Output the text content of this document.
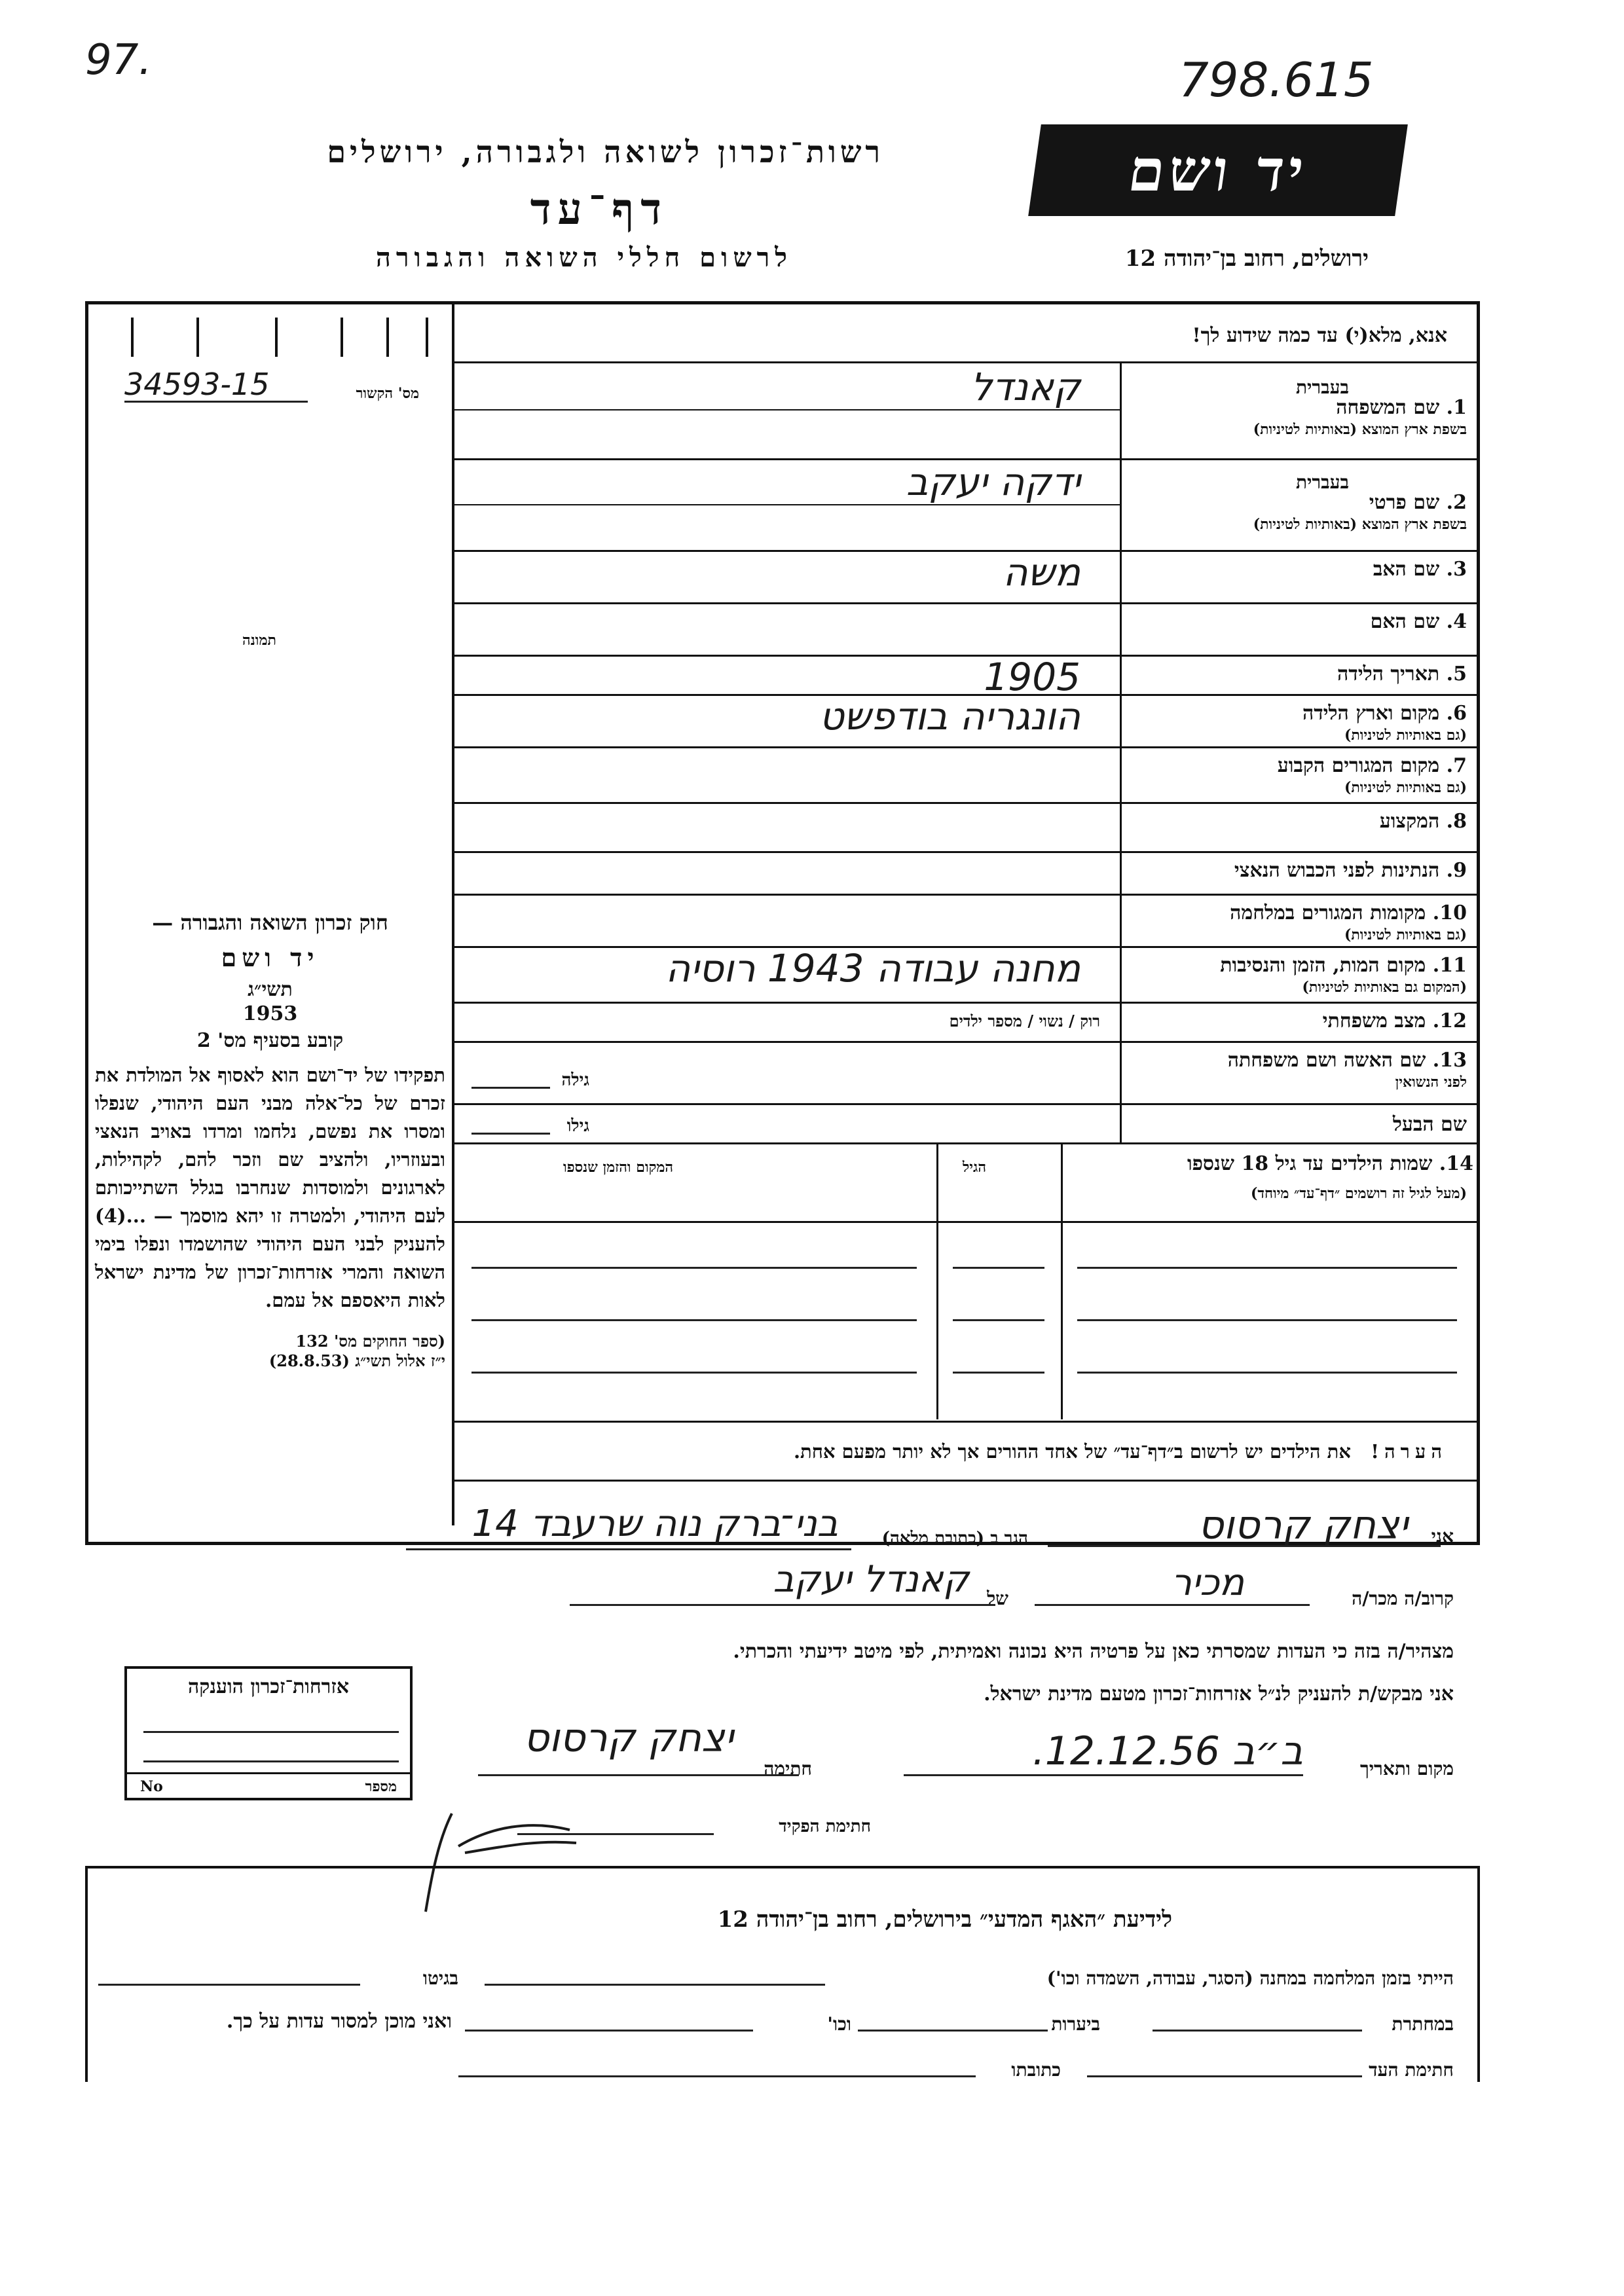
97.	798.615
רשות־זכרון לשואה ולגבורה, ירושלים
דף־עד
לרשום חללי השואה והגבורה
יד ושם
ירושלים, רחוב בן־יהודה 12
אנא, מלא(י) עד כמה שידוע לך!
34593-15	מס' הקשור
תמונה
1. שם המשפחה
בשפת ארץ המוצא (באותיות לטיניות)
בעברית
קאנדל
2. שם פרטי
בשפת ארץ המוצא (באותיות לטיניות)
בעברית
ידקה יעקב
3. שם האב
משה
4. שם האם
5. תאריך הלידה
1905
6. מקום וארץ הלידה
(גם באותיות לטיניות)
הונגריה בודפשט
7. מקום המגורים הקבוע
(גם באותיות לטיניות)
8. המקצוע
9. הנתינות לפני הכבוש הנאצי
10. מקומות המגורים במלחמה
(גם באותיות לטיניות)
11. מקום המות, הזמן והנסיבות
(המקום גם באותיות לטיניות)
מחנה עבודה 1943 רוסיה
12. מצב משפחתי
13. שם האשה ושם משפחתה
לפני הנשואין
רוק / נשוי / מספר ילדים
גילה
שם הבעל
גילו
14. שמות הילדים עד גיל 18 שנספו
(מעל לגיל זה רושמים ״דף־עד״ מיוחד)
הגיל
המקום והזמן שנספו
הערה!   את הילדים יש לרשום ב״דף־עד״ של אחד ההורים אך לא יותר מפעם אחת.
חוק זכרון השואה והגבורה —
יד ושם
תשי״ג
1953
קובע בסעיף מס' 2
תפקידו של יד־ושם הוא לאסוף אל המולדת את זכרם של כל־אלה מבני העם היהודי, שנפלו ומסרו את נפשם, נלחמו ומרדו באויב הנאצי ובעוזריו, ולהציב שם וזכר להם, לקהילות, לארגונים ולמוסדות שנחרבו בגלל השתייכותם לעם היהודי, ולמטרה זו יהא מוסמך — ...(4) להעניק לבני העם היהודי שהושמדו ונפלו בימי השואה והמרי אזרחות־זכרון של מדינת ישראל לאות היאספם אל עמם.
(ספר החוקים מס' 132
י״ז אלול תשי״ג (28.8.53)
אני
יצחק קרסוס
הגר ב (כתובת מלאה)
בני־ברק נוה שרעבד 14
קרוב/ה מכר/ה
מכיר
של
קאנדל יעקב
מצהיר/ה בזה כי העדות שמסרתי כאן על פרטיה היא נכונה ואמיתית, לפי מיטב ידיעתי והכרתי.
אני מבקש/ת להעניק לנ״ל אזרחות־זכרון מטעם מדינת ישראל.
מקום ותאריך
ב״ב 12.12.56.
חתימה
יצחק קרסוס
חתימת הפקיד
אזרחות־זכרון הוענקה
מספר
No
לידיעת ״האגף המדעי״ בירושלים, רחוב בן־יהודה 12
הייתי בזמן המלחמה במחנה (הסגר, עבודה, השמדה וכו')
בגיטו
במחתרת
ביערות
וכו'
ואני מוכן למסור עדות על כך.
חתימת העד
כתובתו
